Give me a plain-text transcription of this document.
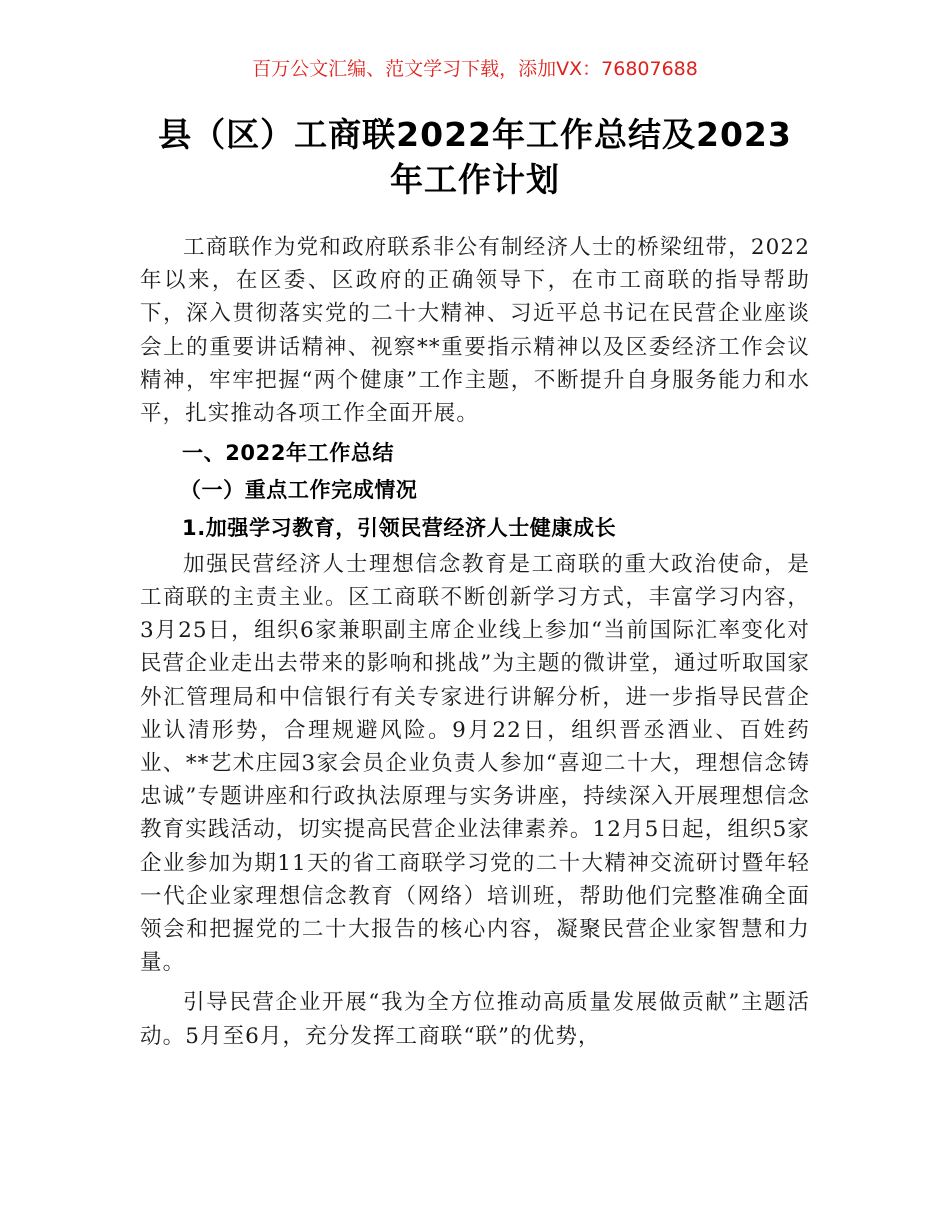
百万公文汇编、范文学习下载，添加VX：76807688

县（区）工商联2022年工作总结及2023
年工作计划

工商联作为党和政府联系非公有制经济人士的桥梁纽带，2022年以来，在区委、区政府的正确领导下，在市工商联的指导帮助下，深入贯彻落实党的二十大精神、习近平总书记在民营企业座谈会上的重要讲话精神、视察**重要指示精神以及区委经济工作会议精神，牢牢把握“两个健康”工作主题，不断提升自身服务能力和水平，扎实推动各项工作全面开展。

一、2022年工作总结
（一）重点工作完成情况
1.加强学习教育，引领民营经济人士健康成长

加强民营经济人士理想信念教育是工商联的重大政治使命，是工商联的主责主业。区工商联不断创新学习方式，丰富学习内容，3月25日，组织6家兼职副主席企业线上参加“当前国际汇率变化对民营企业走出去带来的影响和挑战”为主题的微讲堂，通过听取国家外汇管理局和中信银行有关专家进行讲解分析，进一步指导民营企业认清形势，合理规避风险。9月22日，组织晋丞酒业、百姓药业、**艺术庄园3家会员企业负责人参加“喜迎二十大，理想信念铸忠诚”专题讲座和行政执法原理与实务讲座，持续深入开展理想信念教育实践活动，切实提高民营企业法律素养。12月5日起，组织5家企业参加为期11天的省工商联学习党的二十大精神交流研讨暨年轻一代企业家理想信念教育（网络）培训班，帮助他们完整准确全面领会和把握党的二十大报告的核心内容，凝聚民营企业家智慧和力量。

引导民营企业开展“我为全方位推动高质量发展做贡献”主题活动。5月至6月，充分发挥工商联“联”的优势，
